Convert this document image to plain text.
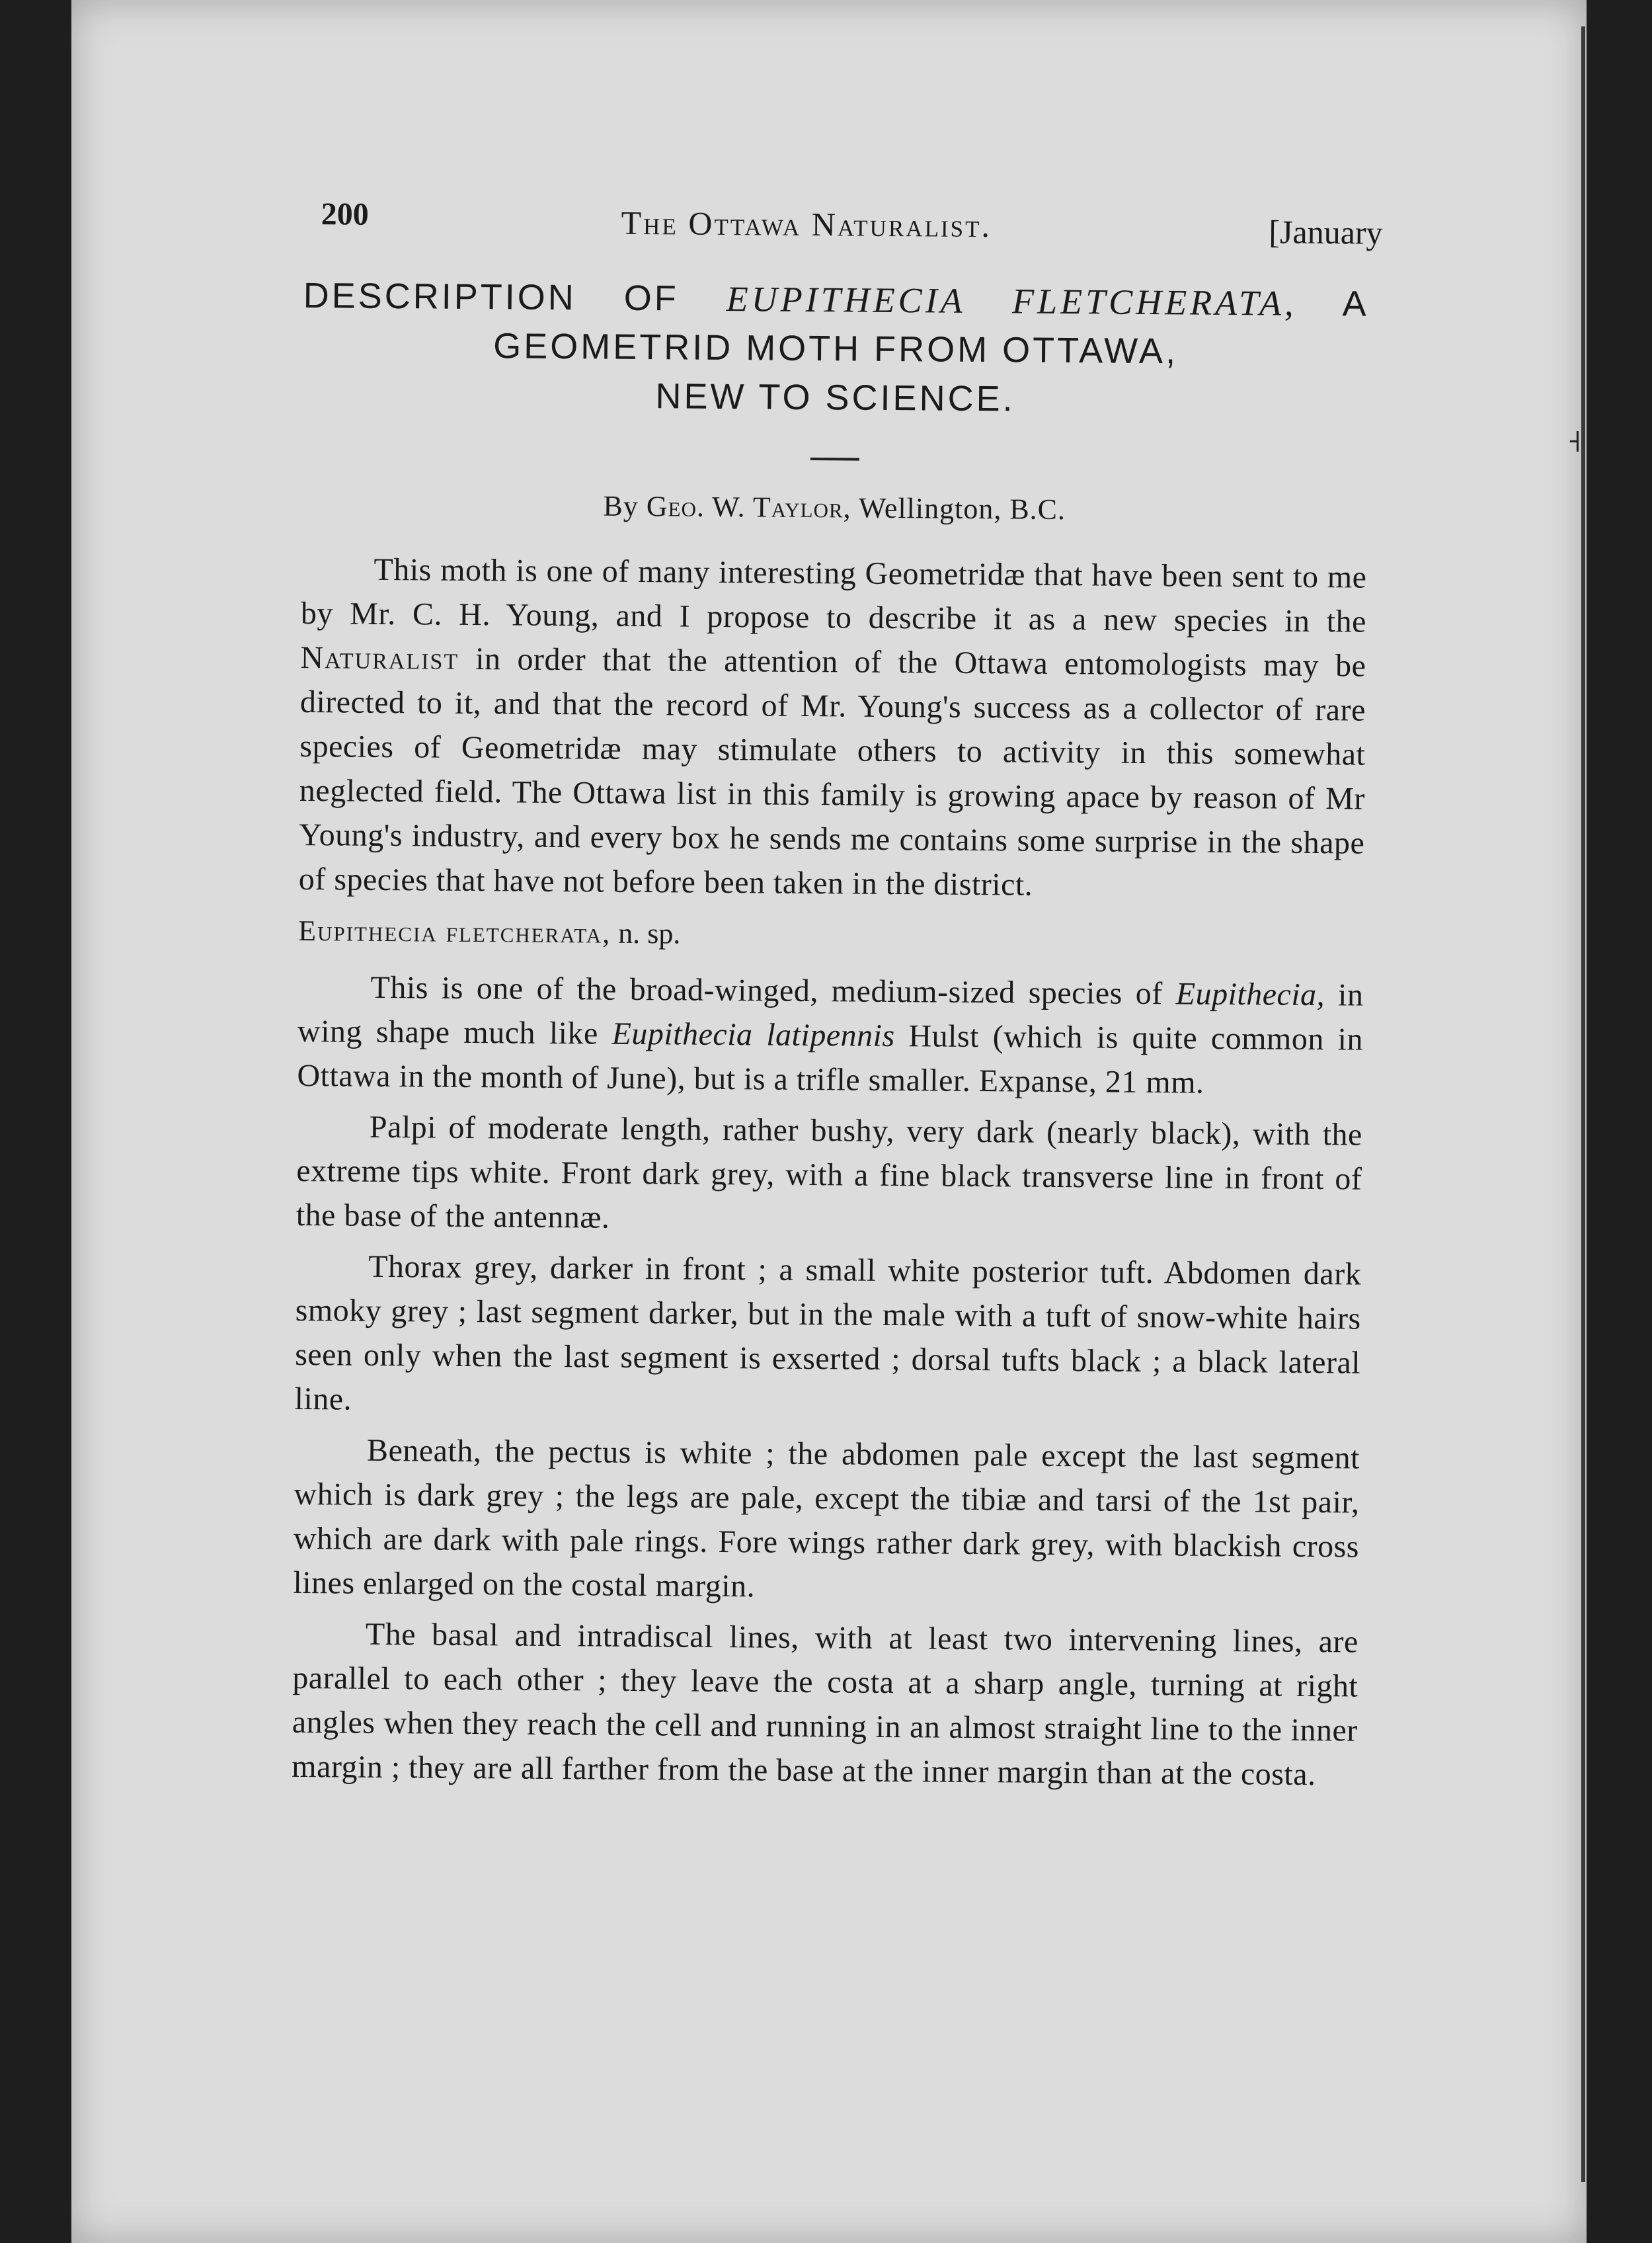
˧
200	The Ottawa Naturalist.	[January
DESCRIPTION OF EUPITHECIA FLETCHERATA, A
GEOMETRID MOTH FROM OTTAWA,
NEW TO SCIENCE.
By Geo. W. Taylor, Wellington, B.C.

This moth is one of many interesting Geometridæ that have been sent to me by Mr. C. H. Young, and I propose to describe it as a new species in the Naturalist in order that the attention of the Ottawa entomologists may be directed to it, and that the record of Mr. Young's success as a collector of rare species of Geometridæ may stimulate others to activity in this somewhat neglected field. The Ottawa list in this family is growing apace by reason of Mr Young's industry, and every box he sends me contains some surprise in the shape of species that have not before been taken in the district.

Eupithecia fletcherata, n. sp.

This is one of the broad-winged, medium-sized species of Eupithecia, in wing shape much like Eupithecia latipennis Hulst (which is quite common in Ottawa in the month of June), but is a trifle smaller. Expanse, 21 mm.

Palpi of moderate length, rather bushy, very dark (nearly black), with the extreme tips white. Front dark grey, with a fine black transverse line in front of the base of the antennæ.

Thorax grey, darker in front ; a small white posterior tuft. Abdomen dark smoky grey ; last segment darker, but in the male with a tuft of snow-white hairs seen only when the last segment is exserted ; dorsal tufts black ; a black lateral line.

Beneath, the pectus is white ; the abdomen pale except the last segment which is dark grey ; the legs are pale, except the tibiæ and tarsi of the 1st pair, which are dark with pale rings. Fore wings rather dark grey, with blackish cross lines enlarged on the costal margin.

The basal and intradiscal lines, with at least two intervening lines, are parallel to each other ; they leave the costa at a sharp angle, turning at right angles when they reach the cell and running in an almost straight line to the inner margin ; they are all farther from the base at the inner margin than at the costa.
